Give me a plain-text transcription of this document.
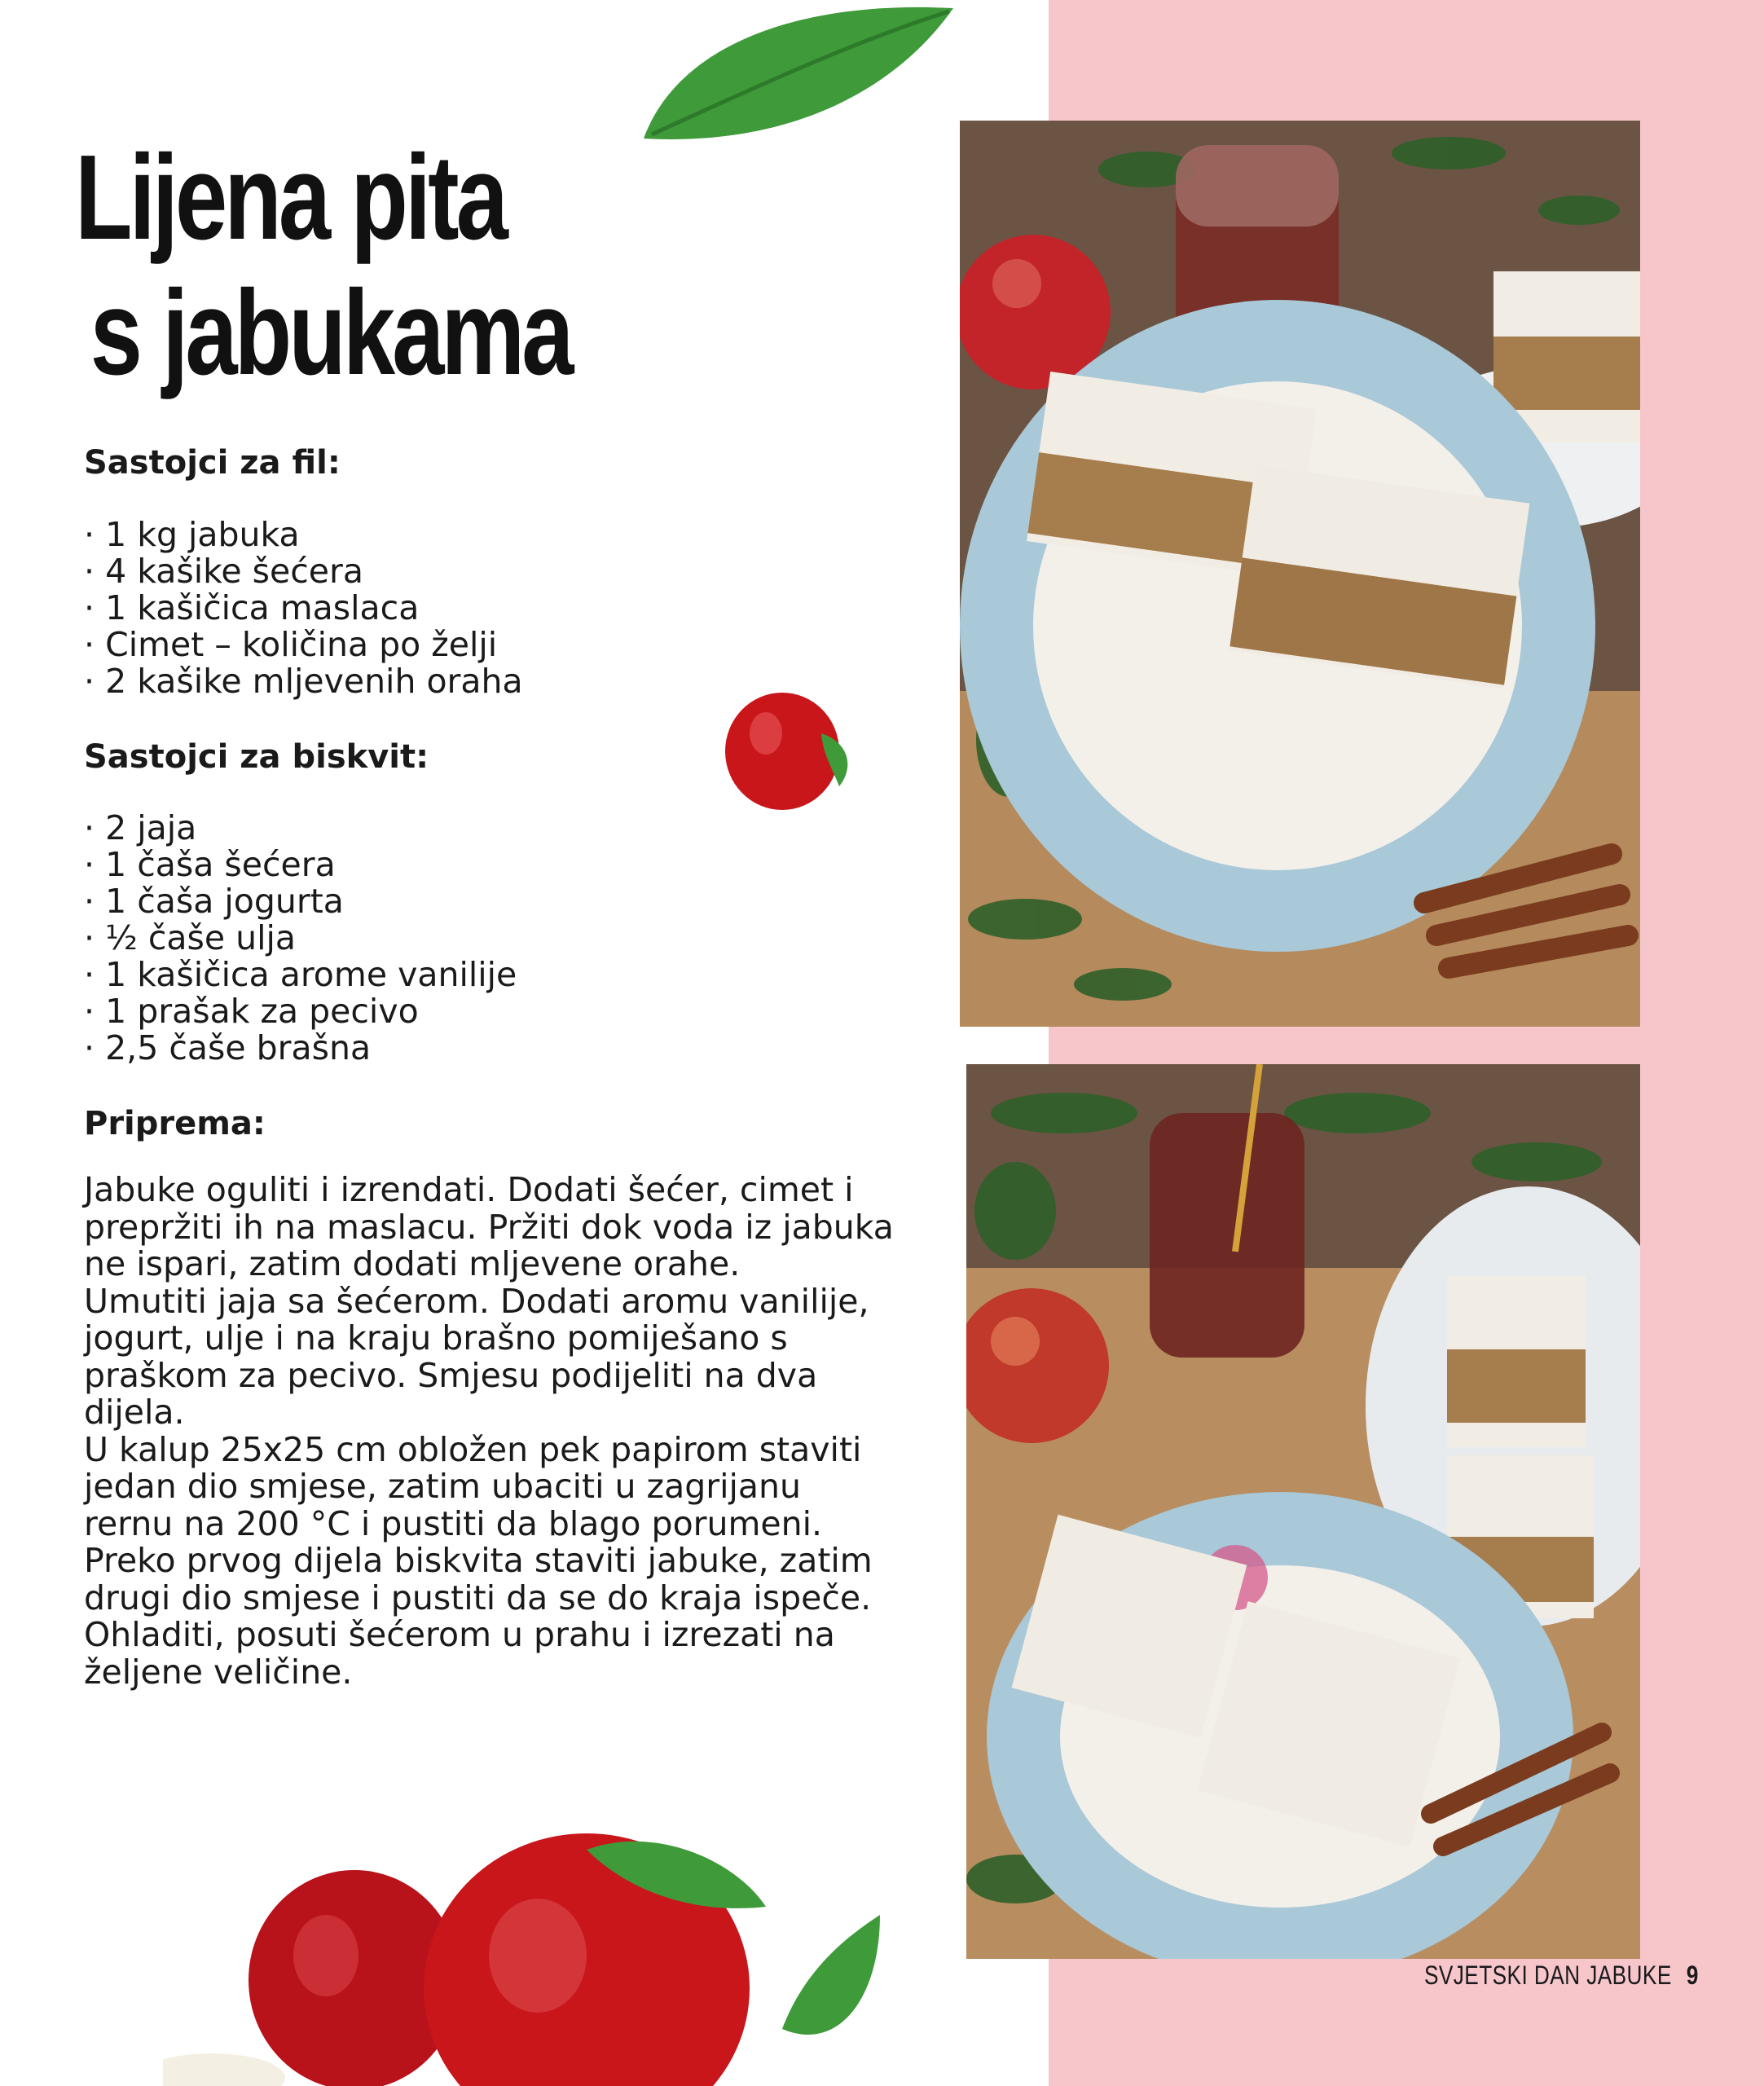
Lijena pita
s jabukama
Sastojci za fil:
· 1 kg jabuka
· 4 kašike šećera
· 1 kašičica maslaca
· Cimet – količina po želji
· 2 kašike mljevenih oraha
Sastojci za biskvit:
· 2 jaja
· 1 čaša šećera
· 1 čaša jogurta
· ½ čaše ulja
· 1 kašičica arome vanilije
· 1 prašak za pecivo
· 2,5 čaše brašna
Priprema:

Jabuke oguliti i izrendati. Dodati šećer, cimet i prepržiti ih na maslacu. Pržiti dok voda iz jabuka ne ispari, zatim dodati mljevene orahe.

Umutiti jaja sa šećerom. Dodati aromu vanilije, jogurt, ulje i na kraju brašno pomiješano s praškom za pecivo. Smjesu podijeliti na dva dijela.

U kalup 25x25 cm obložen pek papirom staviti jedan dio smjese, zatim ubaciti u zagrijanu rernu na 200 °C i pustiti da blago porumeni. Preko prvog dijela biskvita staviti jabuke, zatim drugi dio smjese i pustiti da se do kraja ispeče.

Ohladiti, posuti šećerom u prahu i izrezati na željene veličine.

SVJETSKI DAN JABUKE 9
